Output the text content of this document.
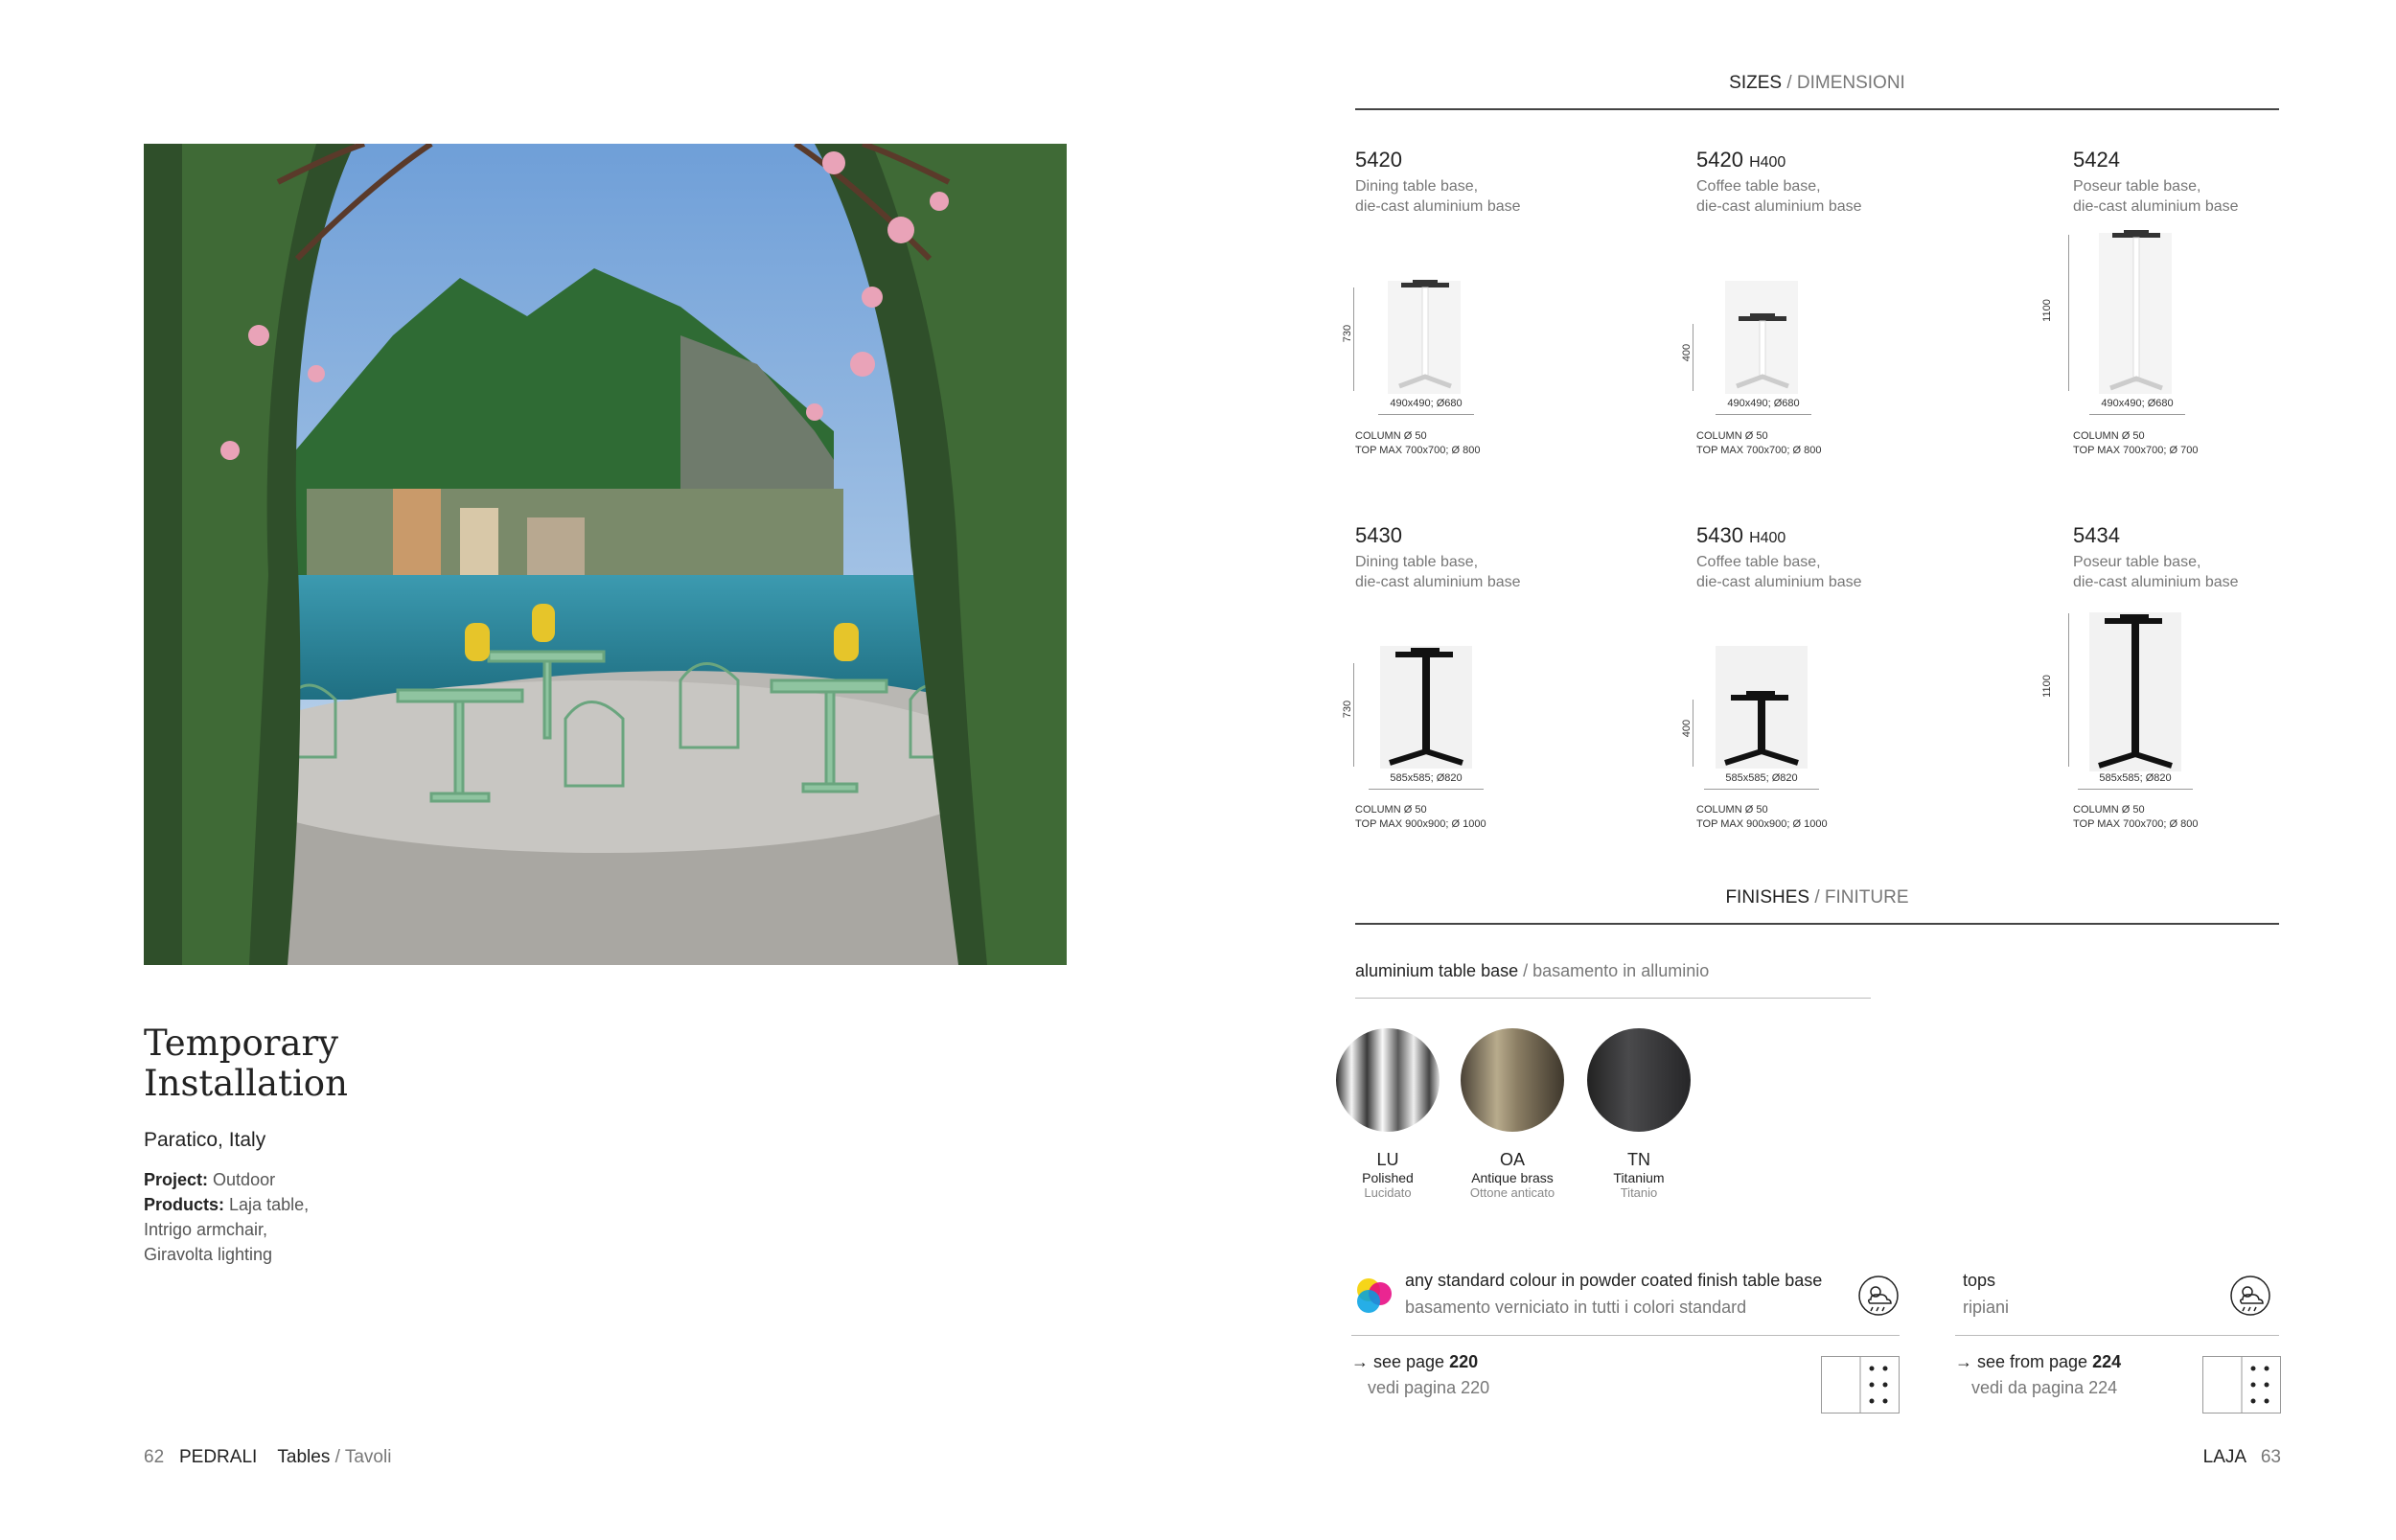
Temporary
Installation
Paratico, Italy
Project: Outdoor
Products: Laja table,
Intrigo armchair,
Giravolta lighting
SIZES / DIMENSIONI
5420
Dining table base,
die-cast aluminium base
5420 H400
Coffee table base,
die-cast aluminium base
5424
Poseur table base,
die-cast aluminium base
5430
Dining table base,
die-cast aluminium base
5430 H400
Coffee table base,
die-cast aluminium base
5434
Poseur table base,
die-cast aluminium base
730
490x490; Ø680
COLUMN Ø 50
TOP MAX 700x700; Ø 800
400
490x490; Ø680
COLUMN Ø 50
TOP MAX 700x700; Ø 800
1100
490x490; Ø680
COLUMN Ø 50
TOP MAX 700x700; Ø 700
730
585x585; Ø820
COLUMN Ø 50
TOP MAX 900x900; Ø 1000
400
585x585; Ø820
COLUMN Ø 50
TOP MAX 900x900; Ø 1000
1100
585x585; Ø820
COLUMN Ø 50
TOP MAX 700x700; Ø 800
FINISHES / FINITURE
aluminium table base / basamento in alluminio
LU
Polished
Lucidato
OA
Antique brass
Ottone anticato
TN
Titanium
Titanio
any standard colour in powder coated finish table base
basamento verniciato in tutti i colori standard
→ see page 220
vedi pagina 220
tops
ripiani
→ see from page 224
vedi da pagina 224
62 PEDRALI Tables / Tavoli	LAJA 63
